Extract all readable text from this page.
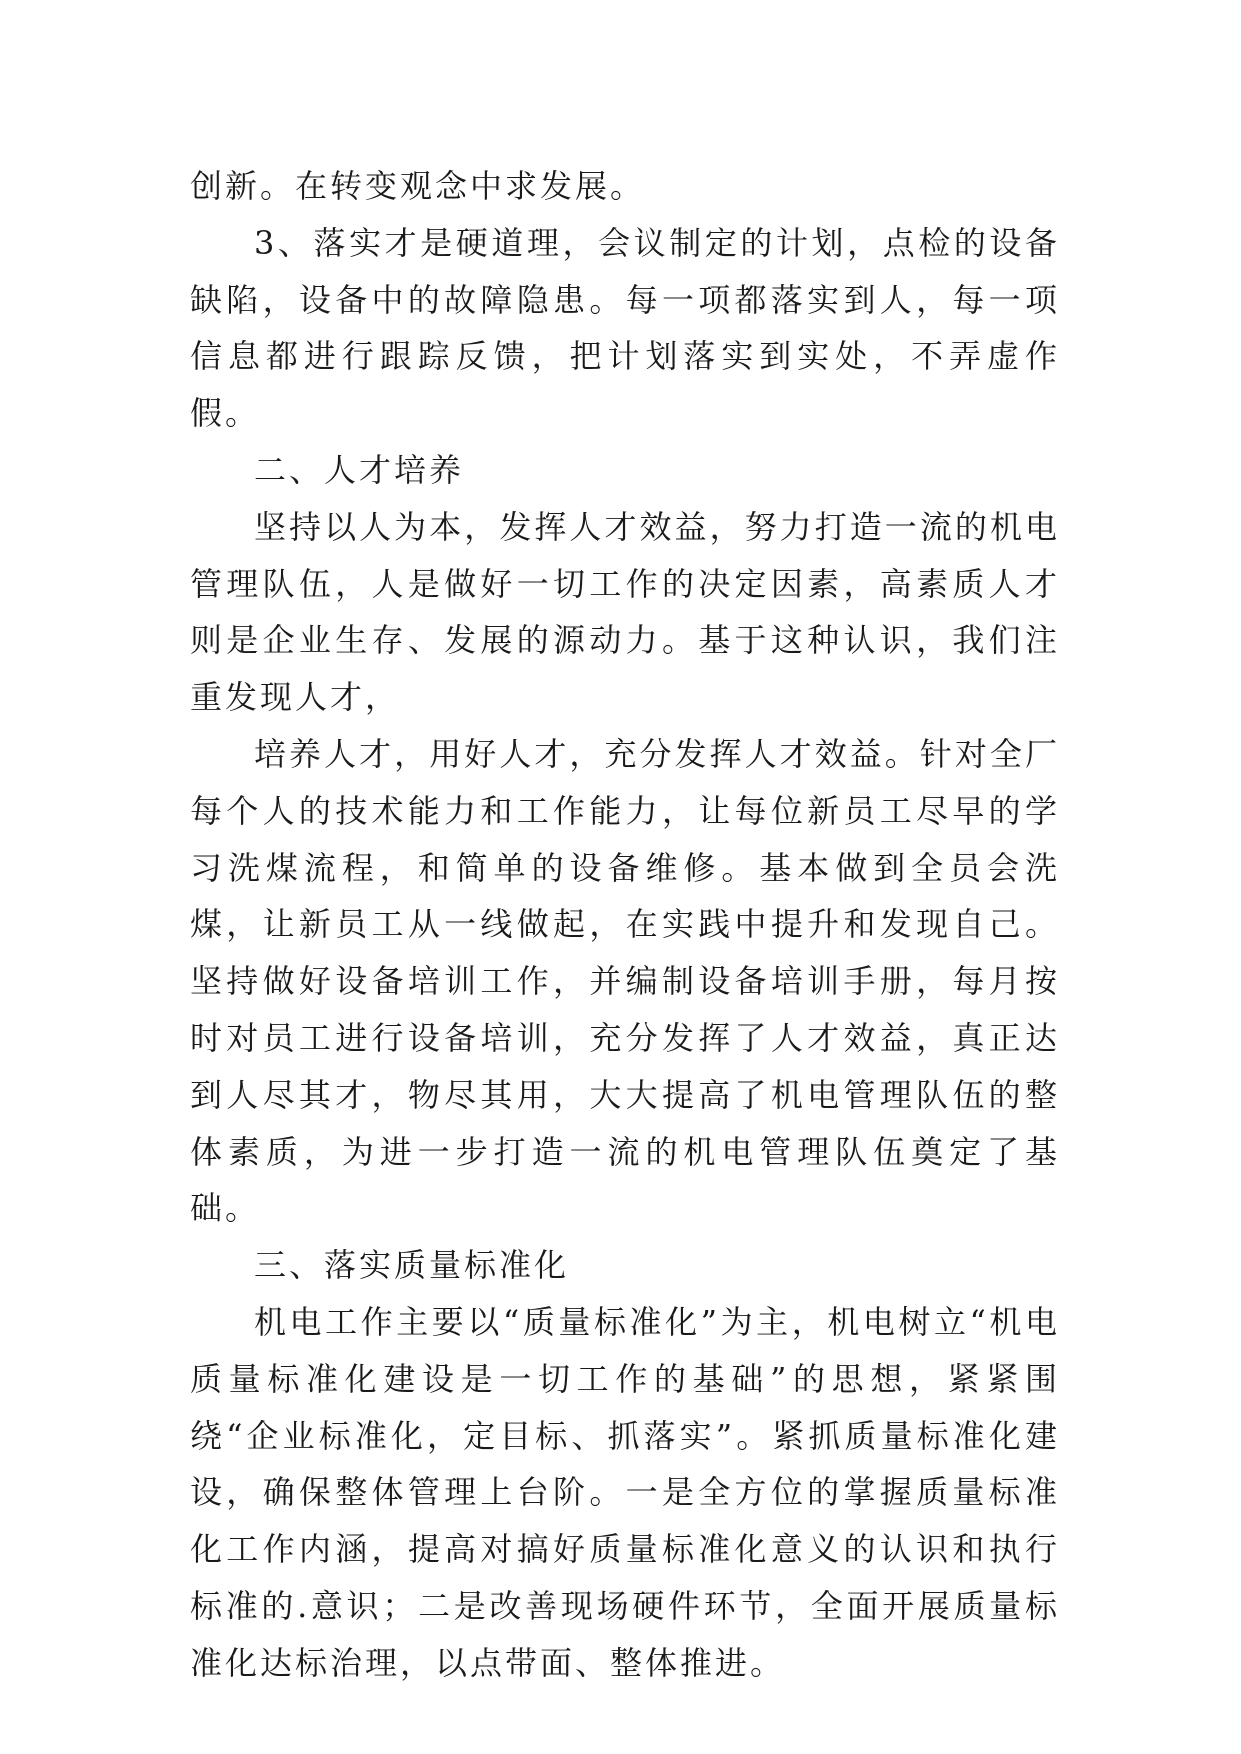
创新。在转变观念中求发展。

3、落实才是硬道理，会议制定的计划，点检的设备缺陷，设备中的故障隐患。每一项都落实到人，每一项信息都进行跟踪反馈，把计划落实到实处，不弄虚作假。

二、人才培养

坚持以人为本，发挥人才效益，努力打造一流的机电管理队伍，人是做好一切工作的决定因素，高素质人才则是企业生存、发展的源动力。基于这种认识，我们注重发现人才，

培养人才，用好人才，充分发挥人才效益。针对全厂每个人的技术能力和工作能力，让每位新员工尽早的学习洗煤流程，和简单的设备维修。基本做到全员会洗煤，让新员工从一线做起，在实践中提升和发现自己。坚持做好设备培训工作，并编制设备培训手册，每月按时对员工进行设备培训，充分发挥了人才效益，真正达到人尽其才，物尽其用，大大提高了机电管理队伍的整体素质，为进一步打造一流的机电管理队伍奠定了基础。

三、落实质量标准化

机电工作主要以“质量标准化”为主，机电树立“机电质量标准化建设是一切工作的基础”的思想，紧紧围绕“企业标准化，定目标、抓落实”。紧抓质量标准化建设，确保整体管理上台阶。一是全方位的掌握质量标准化工作内涵，提高对搞好质量标准化意义的认识和执行标准的.意识；二是改善现场硬件环节，全面开展质量标准化达标治理，以点带面、整体推进。
